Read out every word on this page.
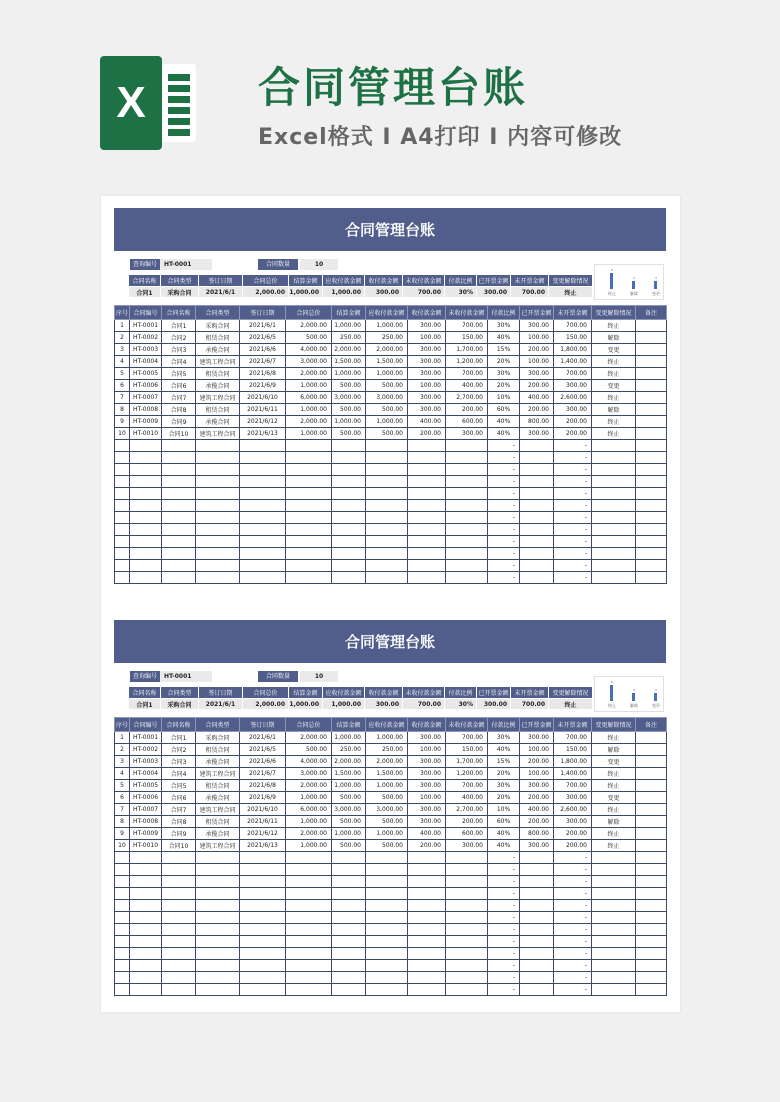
X	合同管理台账
Excel格式 I A4打印 I 内容可修改
合同管理台账
查询编号	HT-0001	合同数量	10
合同名称	合同类型	签订日期	合同总价	结算金额	应收付款金额	收付款金额	未收付款金额	付款比例	已开票金额	未开票金额	变更解除情况
合同1	采购合同	2021/6/1	2,000.00	1,000.00	1,000.00	300.00	700.00	30%	300.00	700.00	终止
6
终止
3
解除
3
变更
序号	合同编号	合同名称	合同类型	签订日期	合同总价	结算金额	应收付款金额	收付款金额	未收付款金额	付款比例	已开票金额	未开票金额	变更解除情况	备注
1	HT-0001	合同1	采购合同	2021/6/1	2,000.00	1,000.00	1,000.00	300.00	700.00	30%	300.00	700.00	终止	
2	HT-0002	合同2	租赁合同	2021/6/5	500.00	250.00	250.00	100.00	150.00	40%	100.00	150.00	解除	
3	HT-0003	合同3	承揽合同	2021/6/6	4,000.00	2,000.00	2,000.00	300.00	1,700.00	15%	200.00	1,800.00	变更	
4	HT-0004	合同4	建筑工程合同	2021/6/7	3,000.00	1,500.00	1,500.00	300.00	1,200.00	20%	100.00	1,400.00	终止	
5	HT-0005	合同5	租赁合同	2021/6/8	2,000.00	1,000.00	1,000.00	300.00	700.00	30%	300.00	700.00	终止	
6	HT-0006	合同6	承揽合同	2021/6/9	1,000.00	500.00	500.00	100.00	400.00	20%	200.00	300.00	变更	
7	HT-0007	合同7	建筑工程合同	2021/6/10	6,000.00	3,000.00	3,000.00	300.00	2,700.00	10%	400.00	2,600.00	终止	
8	HT-0008	合同8	租赁合同	2021/6/11	1,000.00	500.00	500.00	300.00	200.00	60%	200.00	300.00	解除	
9	HT-0009	合同9	承揽合同	2021/6/12	2,000.00	1,000.00	1,000.00	400.00	600.00	40%	800.00	200.00	终止	
10	HT-0010	合同10	建筑工程合同	2021/6/13	1,000.00	500.00	500.00	200.00	300.00	40%	300.00	200.00	终止	
										-		-		
										-		-		
										-		-		
										-		-		
										-		-		
										-		-		
										-		-		
										-		-		
										-		-		
										-		-		
										-		-		
										-		-		
合同管理台账
查询编号	HT-0001	合同数量	10
合同名称	合同类型	签订日期	合同总价	结算金额	应收付款金额	收付款金额	未收付款金额	付款比例	已开票金额	未开票金额	变更解除情况
合同1	采购合同	2021/6/1	2,000.00	1,000.00	1,000.00	300.00	700.00	30%	300.00	700.00	终止
6
终止
3
解除
3
变更
序号	合同编号	合同名称	合同类型	签订日期	合同总价	结算金额	应收付款金额	收付款金额	未收付款金额	付款比例	已开票金额	未开票金额	变更解除情况	备注
1	HT-0001	合同1	采购合同	2021/6/1	2,000.00	1,000.00	1,000.00	300.00	700.00	30%	300.00	700.00	终止	
2	HT-0002	合同2	租赁合同	2021/6/5	500.00	250.00	250.00	100.00	150.00	40%	100.00	150.00	解除	
3	HT-0003	合同3	承揽合同	2021/6/6	4,000.00	2,000.00	2,000.00	300.00	1,700.00	15%	200.00	1,800.00	变更	
4	HT-0004	合同4	建筑工程合同	2021/6/7	3,000.00	1,500.00	1,500.00	300.00	1,200.00	20%	100.00	1,400.00	终止	
5	HT-0005	合同5	租赁合同	2021/6/8	2,000.00	1,000.00	1,000.00	300.00	700.00	30%	300.00	700.00	终止	
6	HT-0006	合同6	承揽合同	2021/6/9	1,000.00	500.00	500.00	100.00	400.00	20%	200.00	300.00	变更	
7	HT-0007	合同7	建筑工程合同	2021/6/10	6,000.00	3,000.00	3,000.00	300.00	2,700.00	10%	400.00	2,600.00	终止	
8	HT-0008	合同8	租赁合同	2021/6/11	1,000.00	500.00	500.00	300.00	200.00	60%	200.00	300.00	解除	
9	HT-0009	合同9	承揽合同	2021/6/12	2,000.00	1,000.00	1,000.00	400.00	600.00	40%	800.00	200.00	终止	
10	HT-0010	合同10	建筑工程合同	2021/6/13	1,000.00	500.00	500.00	200.00	300.00	40%	300.00	200.00	终止	
										-		-		
										-		-		
										-		-		
										-		-		
										-		-		
										-		-		
										-		-		
										-		-		
										-		-		
										-		-		
										-		-		
										-		-		
